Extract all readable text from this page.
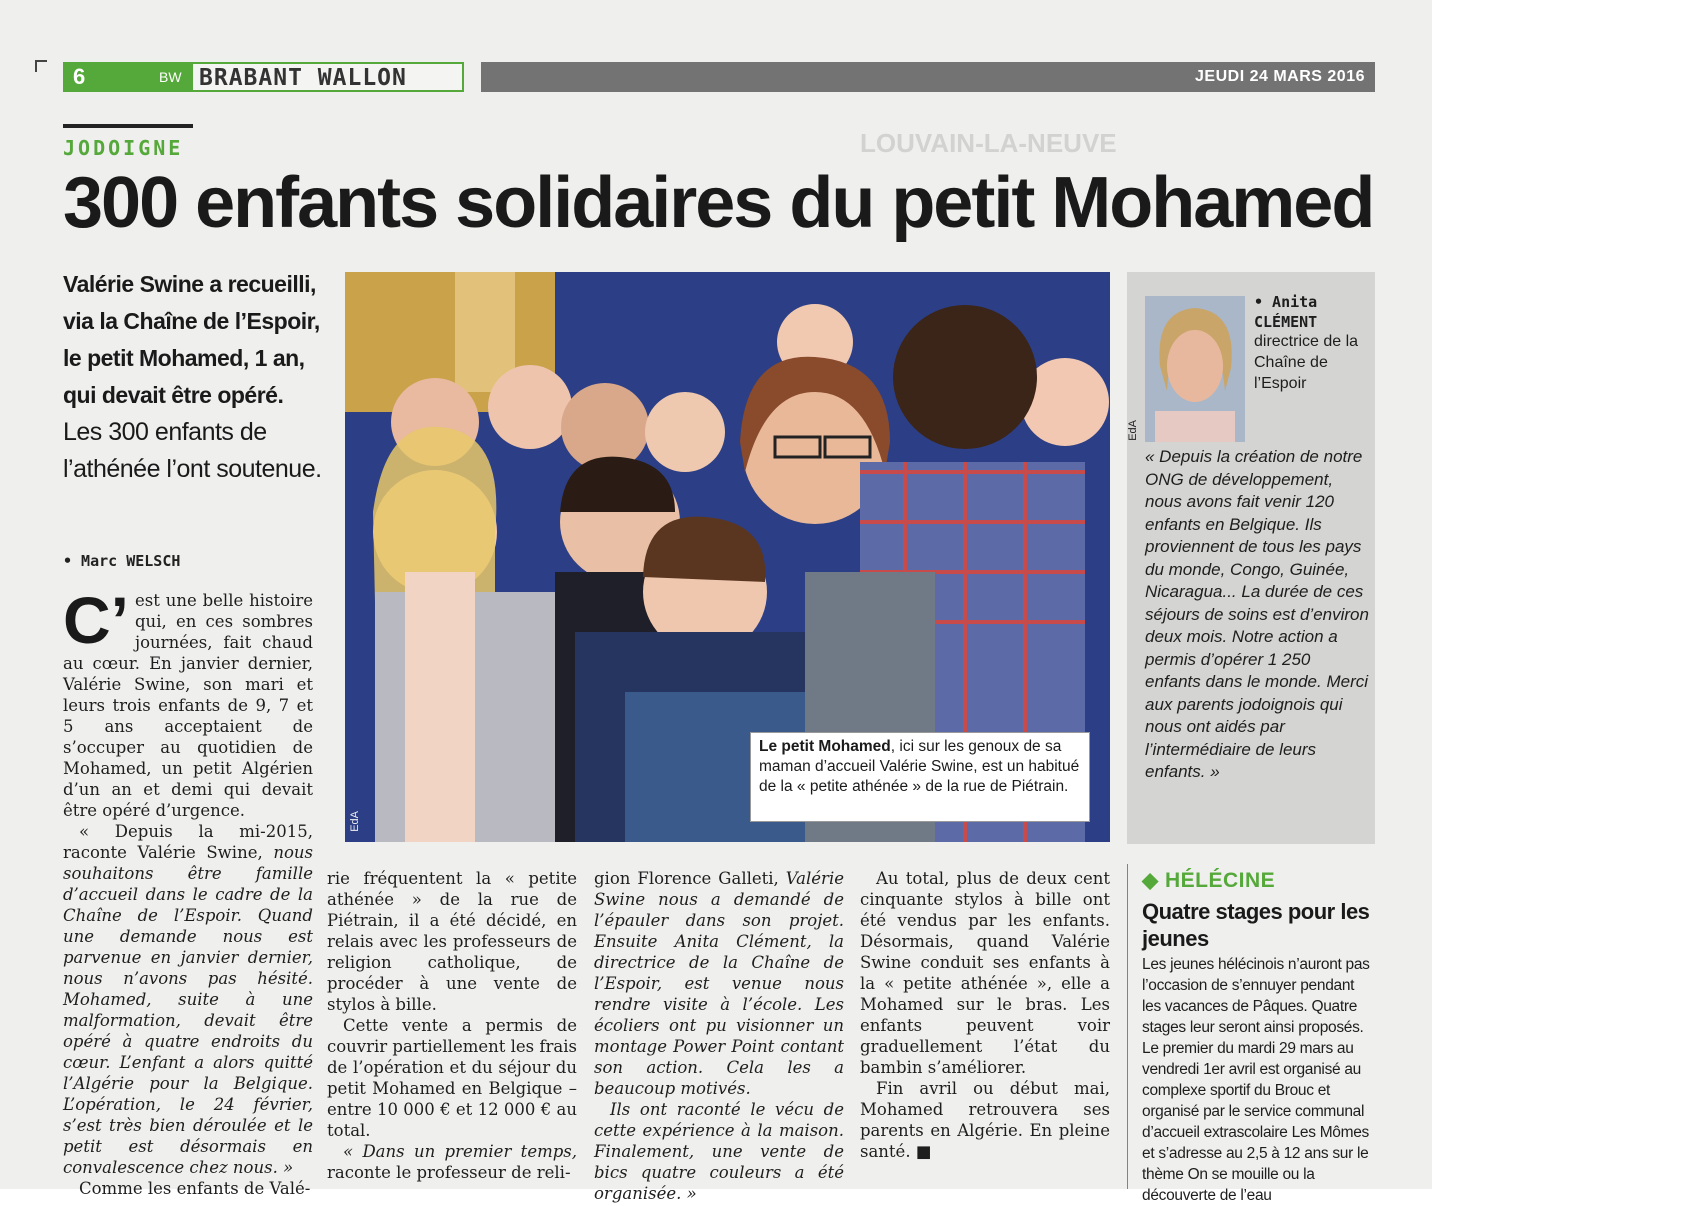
6	BW BRABANT WALLON	JEUDI 24 MARS 2016
LOUVAIN-LA-NEUVE
JODOIGNE
300 enfants solidaires du petit Mohamed
Valérie Swine a recueilli, via la Chaîne de l’Espoir, le petit Mohamed, 1 an, qui devait être opéré.
Les 300 enfants de l’athénée l’ont soutenue.
• Marc WELSCH
EdA
Le petit Mohamed, ici sur les genoux de sa maman d’accueil Valérie Swine, est un habitué de la « petite athénée » de la rue de Piétrain.

C’ est une belle histoire qui, en ces sombres journées, fait chaud au cœur. En janvier dernier, Valérie Swine, son mari et leurs trois enfants de 9, 7 et 5 ans acceptaient de s’occuper au quotidien de Mohamed, un petit Algérien d’un an et demi qui devait être opéré d’urgence.

« Depuis la mi-2015, raconte Valérie Swine, nous souhaitons être famille d’accueil dans le cadre de la Chaîne de l’Espoir. Quand une demande nous est parvenue en janvier dernier, nous n’avons pas hésité. Mohamed, suite à une malformation, devait être opéré à quatre endroits du cœur. L’enfant a alors quitté l’Algérie pour la Belgique. L’opération, le 24 février, s’est très bien déroulée et le petit est désormais en convalescence chez nous. »

Comme les enfants de Valé-

rie fréquentent la « petite athénée » de la rue de Piétrain, il a été décidé, en relais avec les professeurs de religion catholique, de procéder à une vente de stylos à bille.

Cette vente a permis de couvrir partiellement les frais de l’opération et du séjour du petit Mohamed en Belgique – entre 10 000 € et 12 000 € au total.

« Dans un premier temps, raconte le professeur de reli-

gion Florence Galleti, Valérie Swine nous a demandé de l’épauler dans son projet. Ensuite Anita Clément, la directrice de la Chaîne de l’Espoir, est venue nous rendre visite à l’école. Les écoliers ont pu visionner un montage Power Point contant son action. Cela les a beaucoup motivés.

Ils ont raconté le vécu de cette expérience à la maison. Finalement, une vente de bics quatre couleurs a été organisée. »

Au total, plus de deux cent cinquante stylos à bille ont été vendus par les enfants. Désormais, quand Valérie Swine conduit ses enfants à la « petite athénée », elle a Mohamed sur le bras. Les enfants peuvent voir graduellement l’état du bambin s’améliorer.

Fin avril ou début mai, Mohamed retrouvera ses parents en Algérie. En pleine santé. ■

EdA
• Anita
CLÉMENT
directrice de la Chaîne de l’Espoir
« Depuis la création de notre ONG de développement, nous avons fait venir 120 enfants en Belgique. Ils proviennent de tous les pays du monde, Congo, Guinée, Nicaragua... La durée de ces séjours de soins est d’environ deux mois. Notre action a permis d’opérer 1 250 enfants dans le monde. Merci aux parents jodoignois qui nous ont aidés par l’intermédiaire de leurs enfants. »
◆ HÉLÉCINE
Quatre stages pour les jeunes
Les jeunes hélécinois n’auront pas l’occasion de s’ennuyer pendant les vacances de Pâques. Quatre stages leur seront ainsi proposés. Le premier du mardi 29 mars au vendredi 1er avril est organisé au complexe sportif du Brouc et organisé par le service communal d’accueil extrascolaire Les Mômes et s’adresse au 2,5 à 12 ans sur le thème On se mouille ou la découverte de l’eau
